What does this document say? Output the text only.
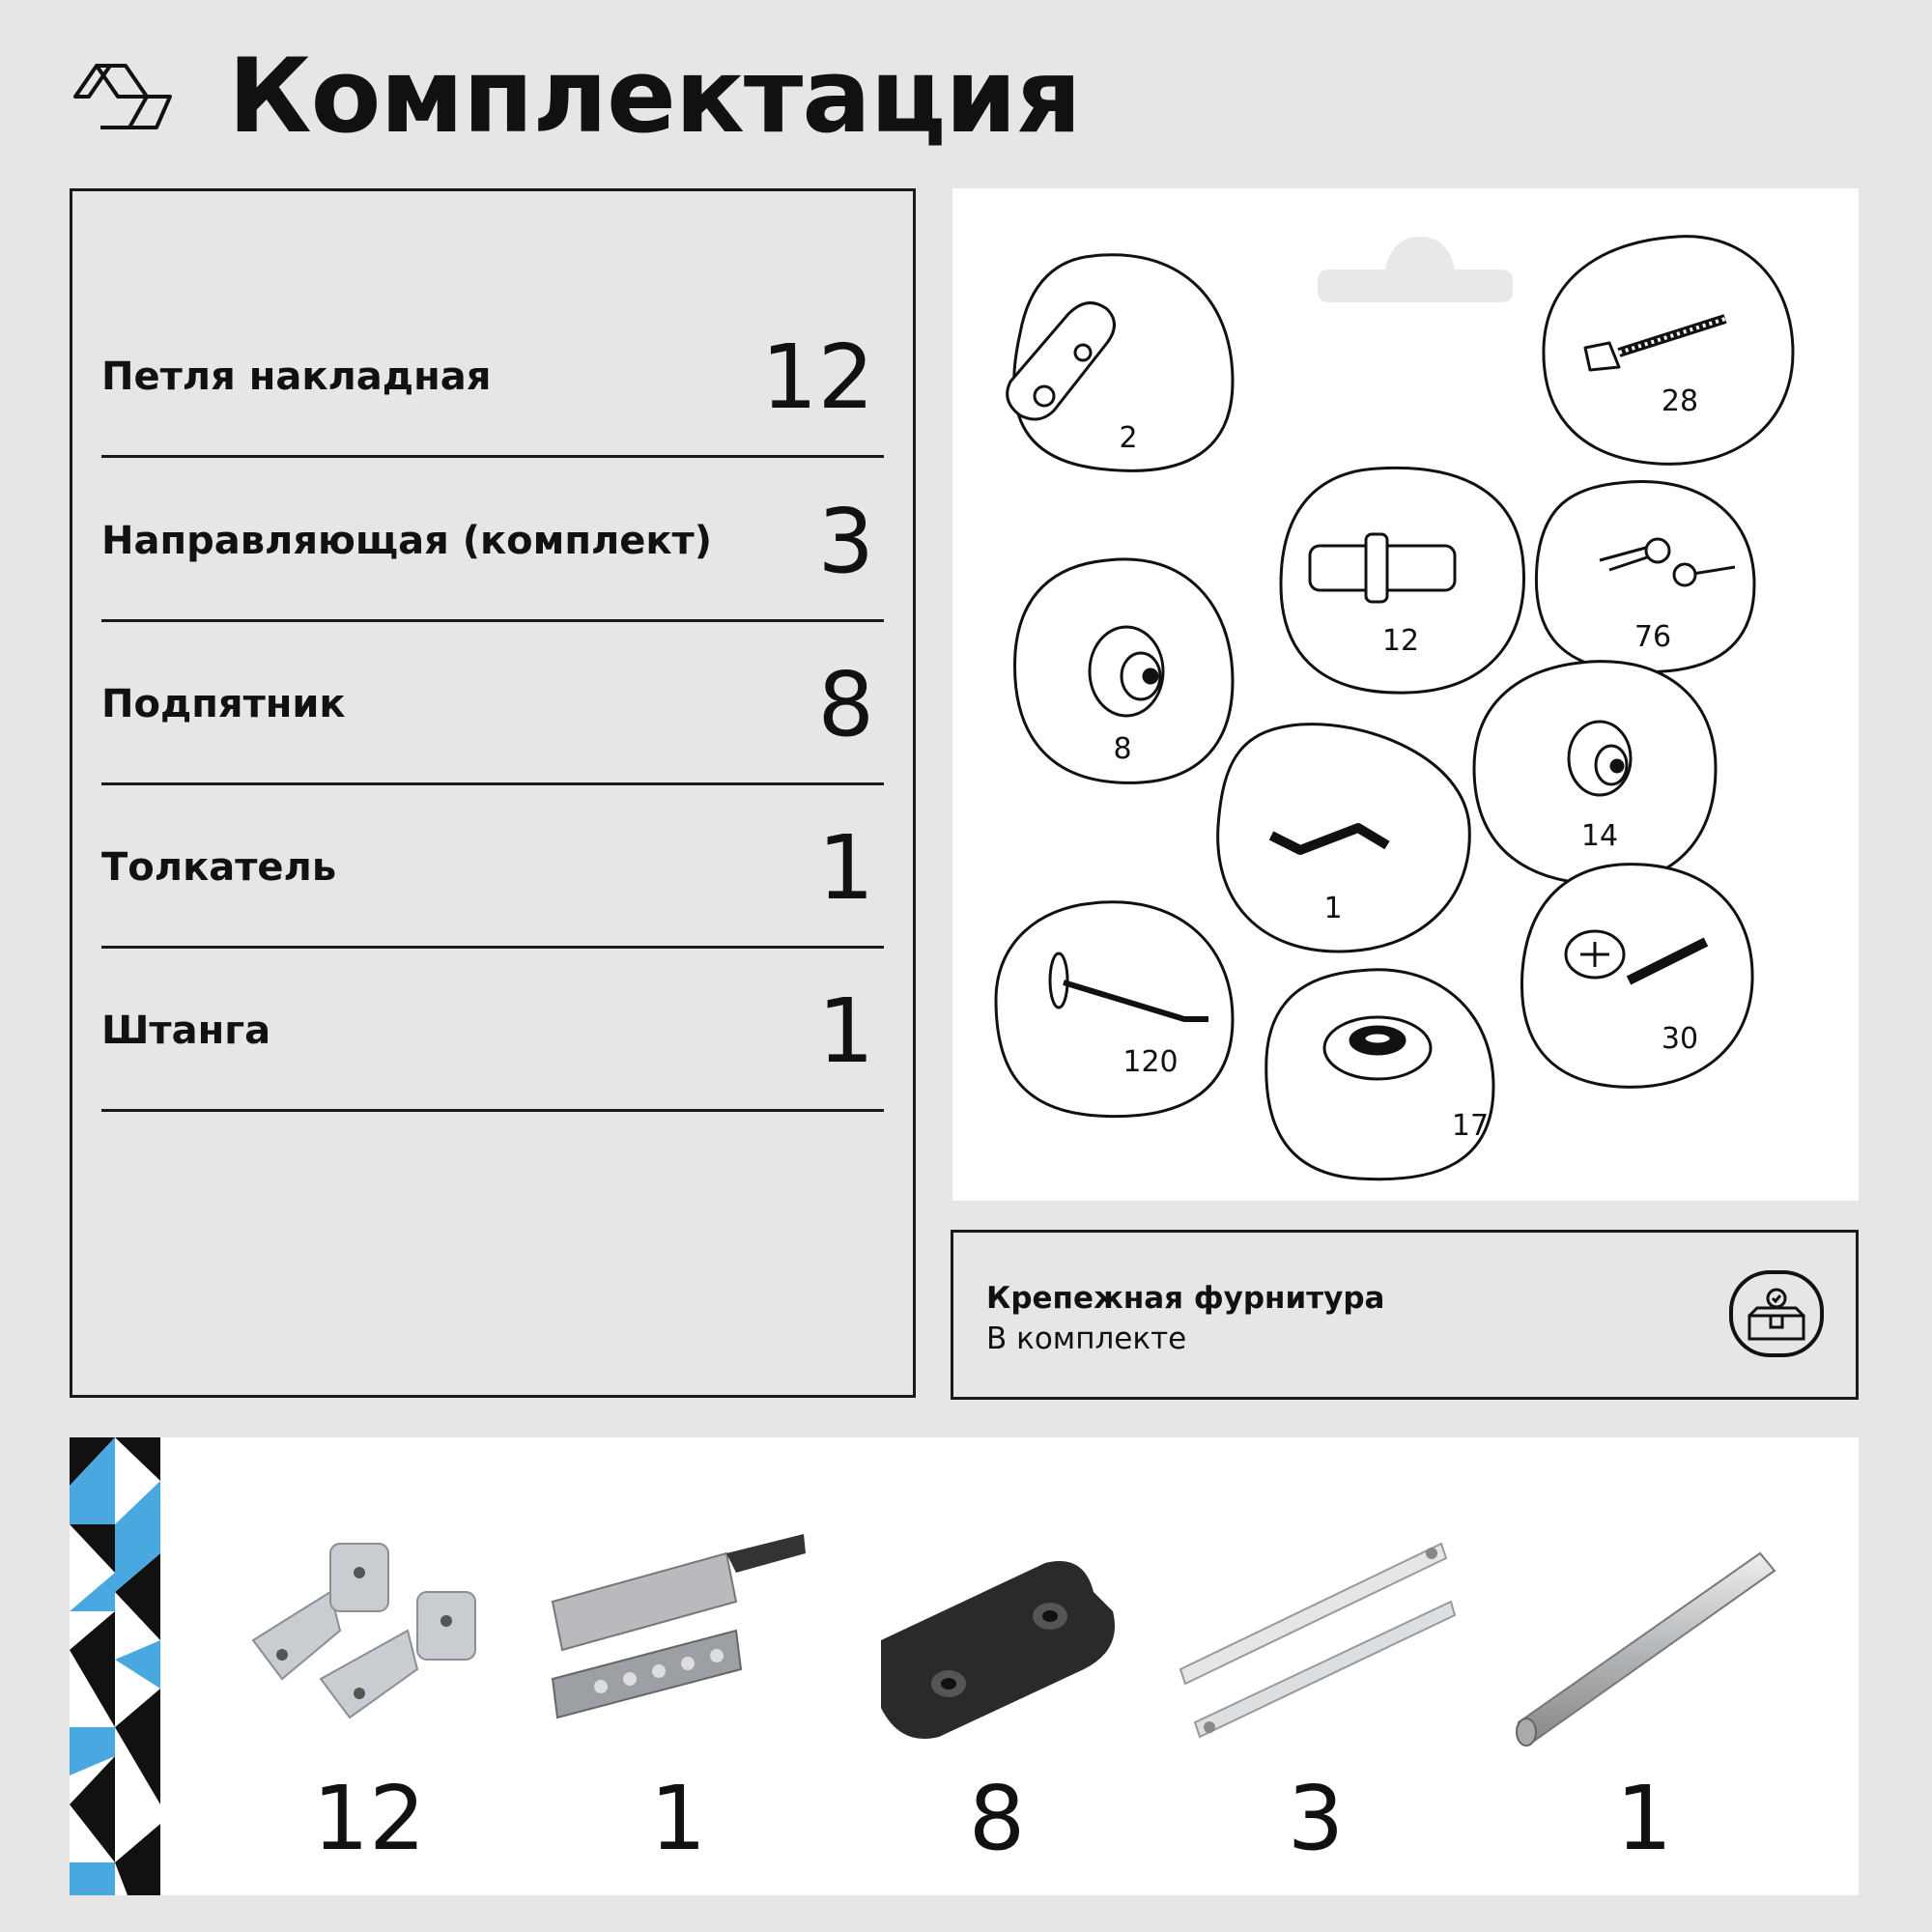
Комплектация
Петля накладная	12
Направляющая (комплект) 3
Подпятник	8
Толкатель	1
Штанга	1
2
28
12	76
8
14
1
120
17
30
Крепежная фурнитура
В комплекте
12	1	8	3	1
